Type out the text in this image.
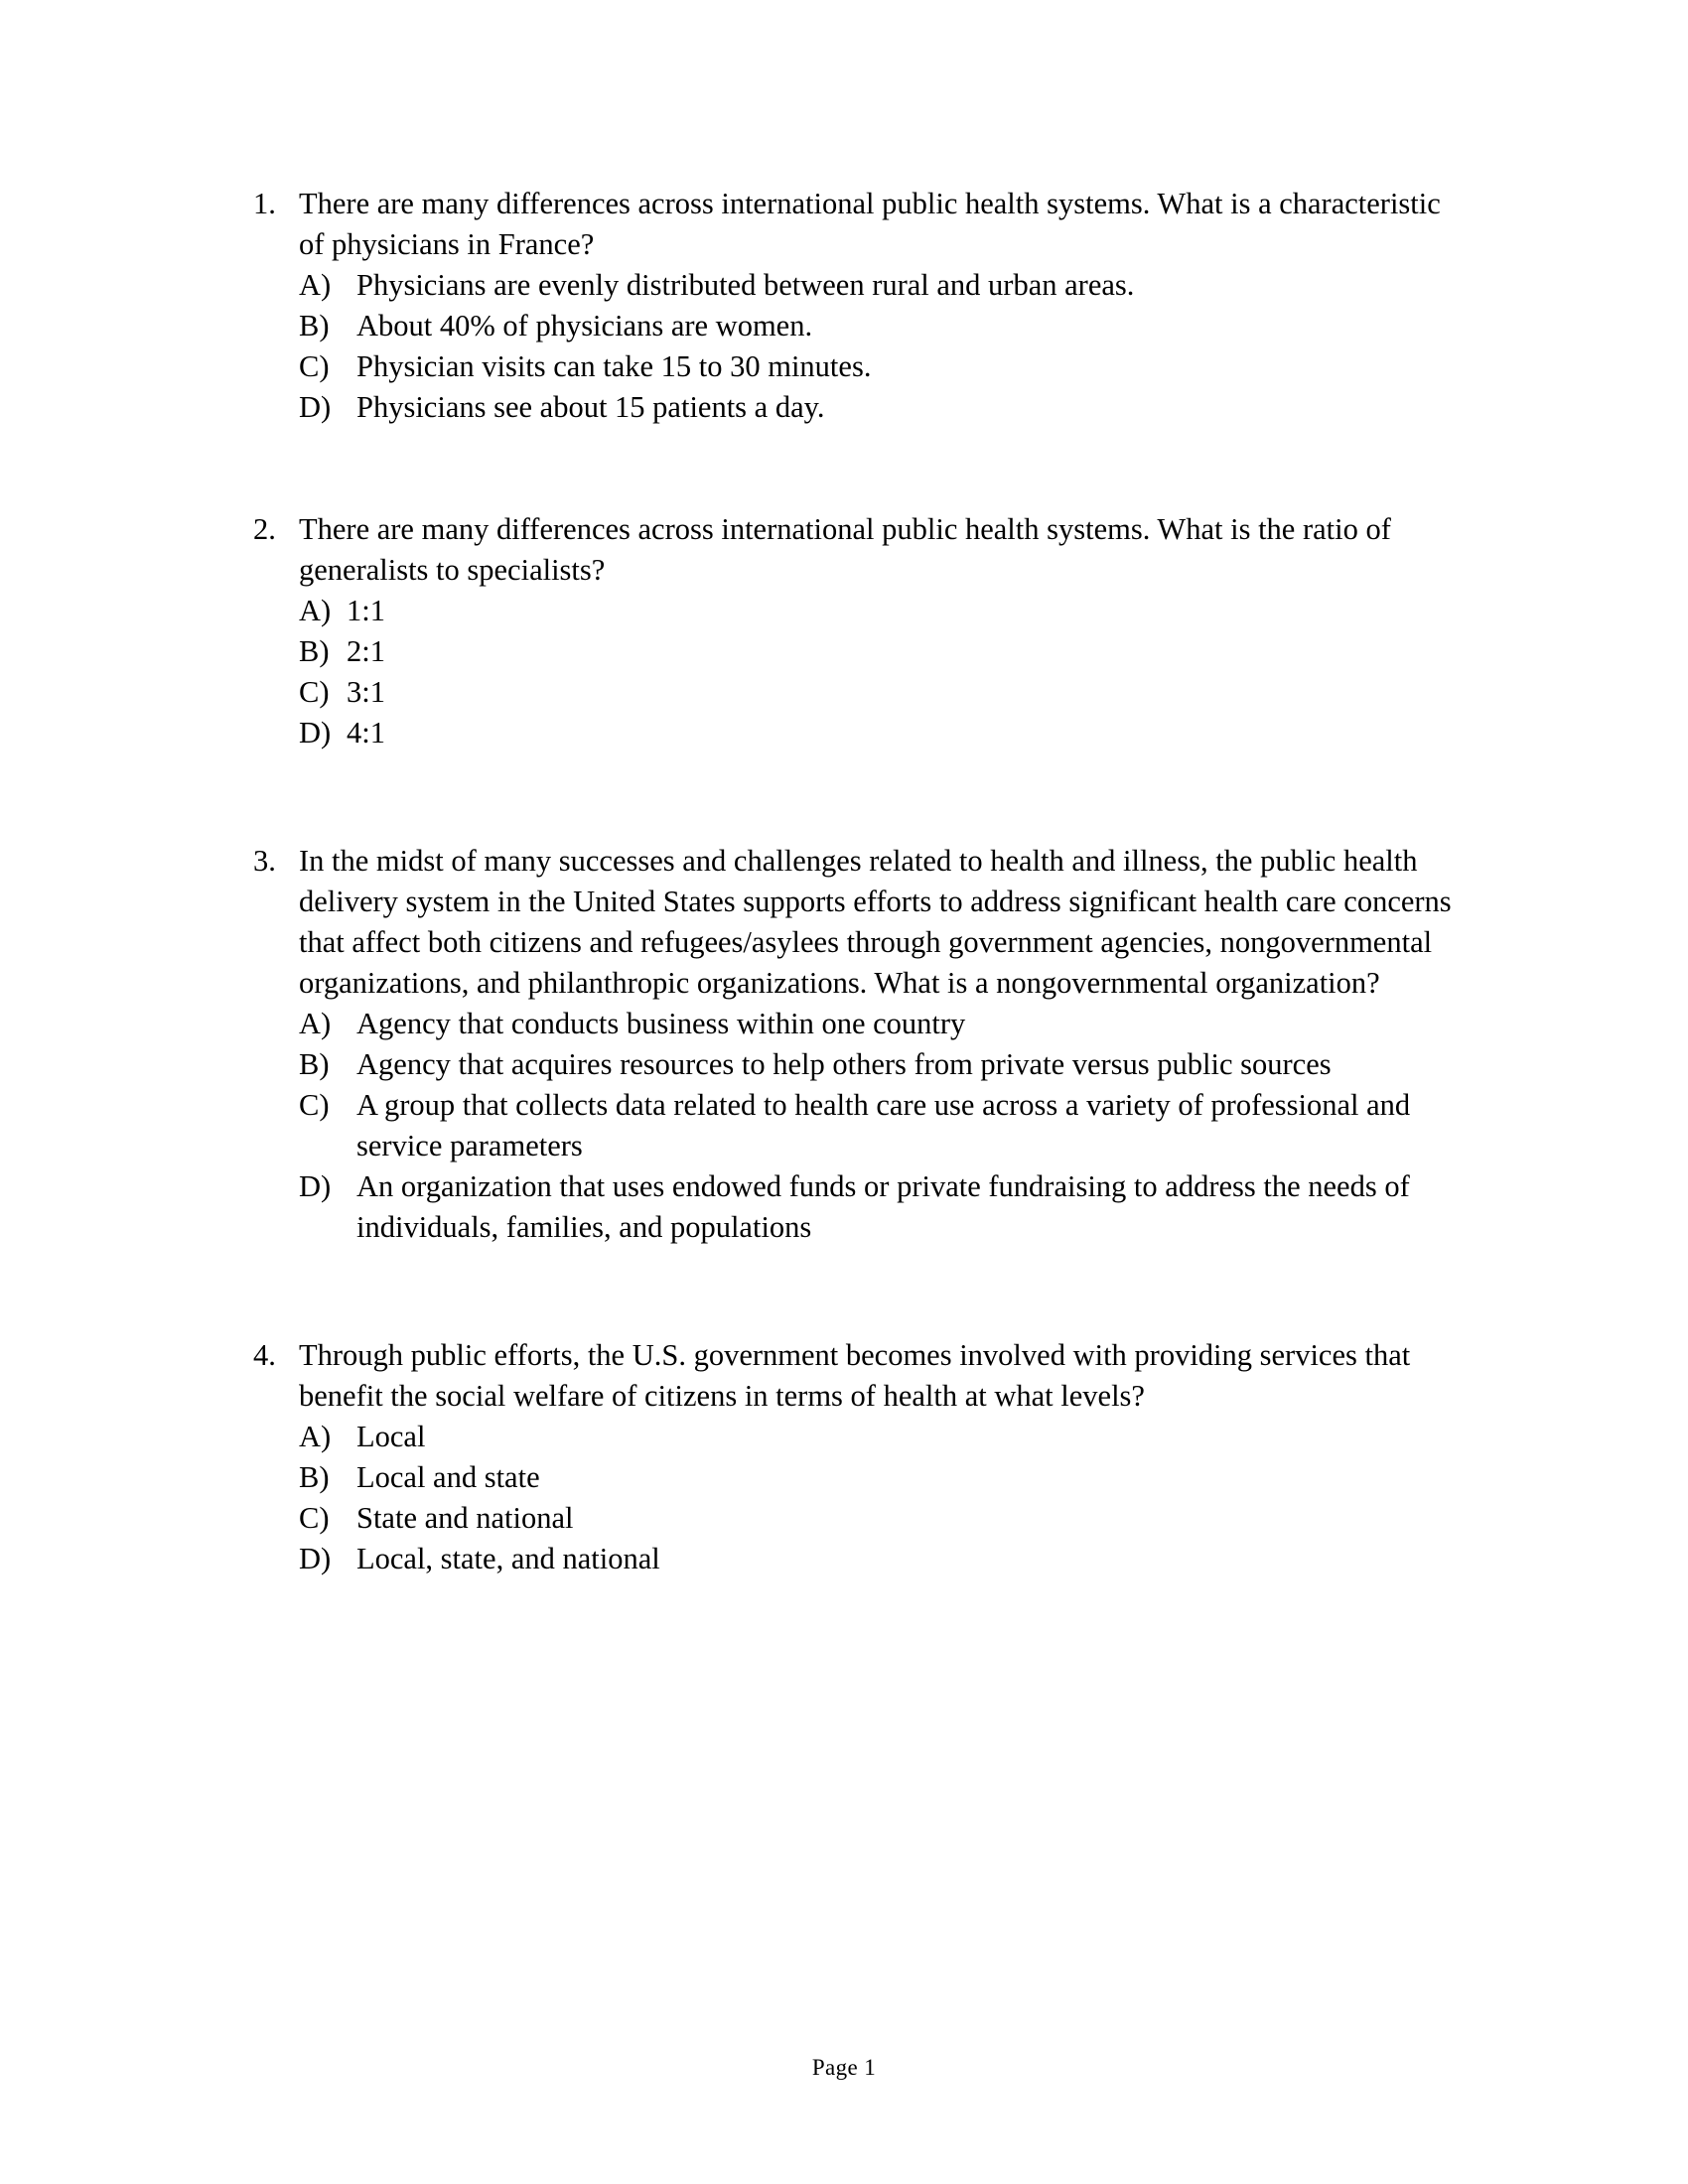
1. There are many differences across international public health systems. What is a characteristic of physicians in France?

A) Physicians are evenly distributed between rural and urban areas.
B) About 40% of physicians are women.
C) Physician visits can take 15 to 30 minutes.
D) Physicians see about 15 patients a day.
2. There are many differences across international public health systems. What is the ratio of generalists to specialists?

A) 1:1
B) 2:1
C) 3:1
D) 4:1
3. In the midst of many successes and challenges related to health and illness, the public health delivery system in the United States supports efforts to address significant health care concerns that affect both citizens and refugees/asylees through government agencies, nongovernmental organizations, and philanthropic organizations. What is a nongovernmental organization?

A) Agency that conducts business within one country
B) Agency that acquires resources to help others from private versus public sources
C) A group that collects data related to health care use across a variety of professional and service parameters
D) An organization that uses endowed funds or private fundraising to address the needs of individuals, families, and populations
4. Through public efforts, the U.S. government becomes involved with providing services that benefit the social welfare of citizens in terms of health at what levels?

A) Local
B) Local and state
C) State and national
D) Local, state, and national
Page 1
